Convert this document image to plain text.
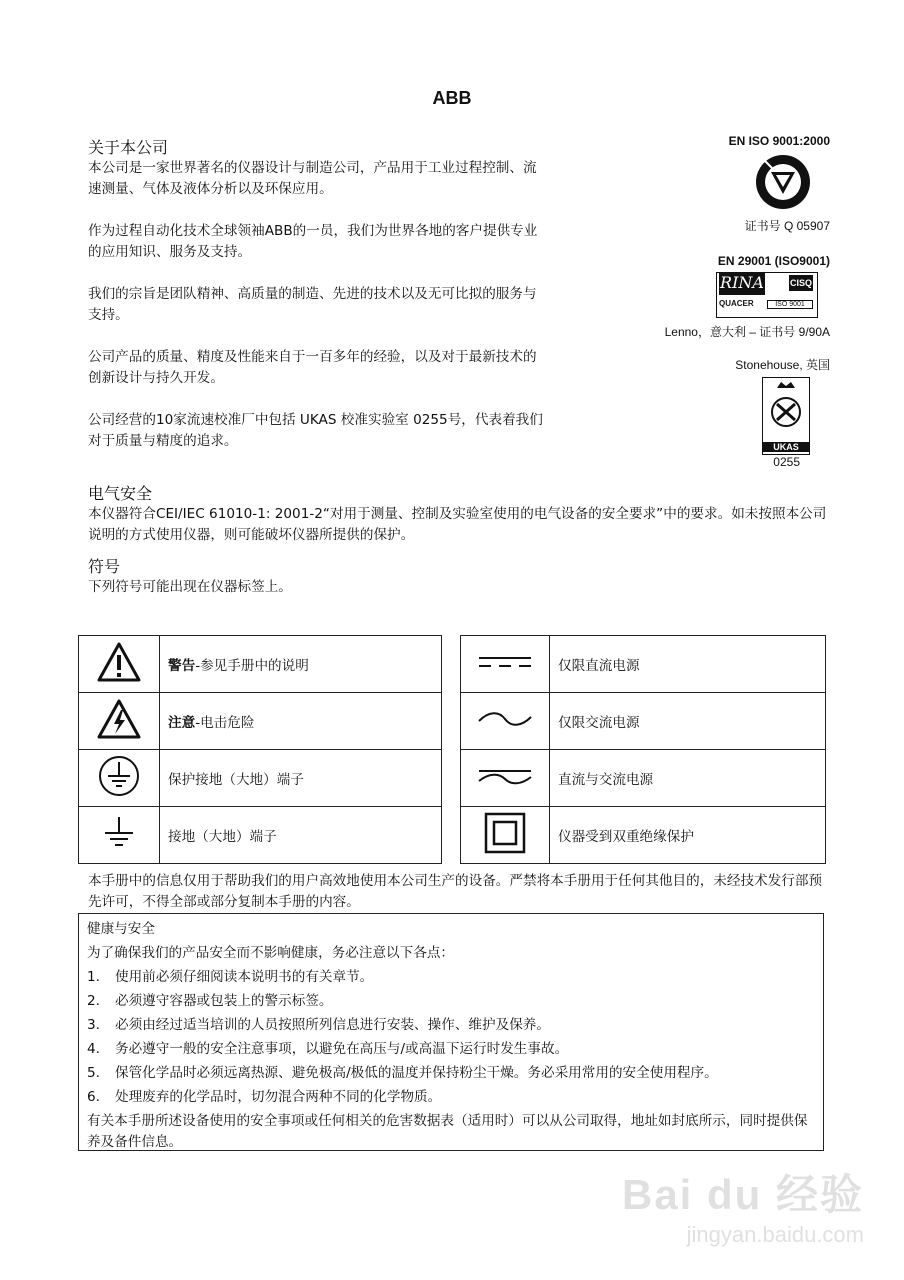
ABB
关于本公司
本公司是一家世界著名的仪器设计与制造公司，产品用于工业过程控制、流速测量、气体及液体分析以及环保应用。
作为过程自动化技术全球领袖ABB的一员，我们为世界各地的客户提供专业的应用知识、服务及支持。
我们的宗旨是团队精神、高质量的制造、先进的技术以及无可比拟的服务与支持。
公司产品的质量、精度及性能来自于一百多年的经验，以及对于最新技术的创新设计与持久开发。
公司经营的10家流速校准厂中包括 UKAS 校准实验室 0255号，代表着我们对于质量与精度的追求。
EN ISO 9001:2000
证书号 Q 05907
EN 29001 (ISO9001)
RINA	CISQ
QUACER	ISO 9001
Lenno，意大利 – 证书号 9/90A
Stonehouse, 英国
UKAS
0255
电气安全
本仪器符合CEI/IEC 61010-1: 2001-2“对用于测量、控制及实验室使用的电气设备的安全要求”中的要求。如未按照本公司说明的方式使用仪器，则可能破坏仪器所提供的保护。
符号
下列符号可能出现在仪器标签上。
	警告-参见手册中的说明
	注意-电击危险
	保护接地（大地）端子
	接地（大地）端子
	仅限直流电源
	仅限交流电源
	直流与交流电源
	仪器受到双重绝缘保护
本手册中的信息仅用于帮助我们的用户高效地使用本公司生产的设备。严禁将本手册用于任何其他目的，未经技术发行部预先许可，不得全部或部分复制本手册的内容。
健康与安全
为了确保我们的产品安全而不影响健康，务必注意以下各点：
1. 使用前必须仔细阅读本说明书的有关章节。
2. 必须遵守容器或包装上的警示标签。
3. 必须由经过适当培训的人员按照所列信息进行安装、操作、维护及保养。
4. 务必遵守一般的安全注意事项，以避免在高压与/或高温下运行时发生事故。
5. 保管化学品时必须远离热源、避免极高/极低的温度并保持粉尘干燥。务必采用常用的安全使用程序。
6. 处理废弃的化学品时，切勿混合两种不同的化学物质。
有关本手册所述设备使用的安全事项或任何相关的危害数据表（适用时）可以从公司取得，地址如封底所示，同时提供保养及备件信息。
Bai du 经验
jingyan.baidu.com
